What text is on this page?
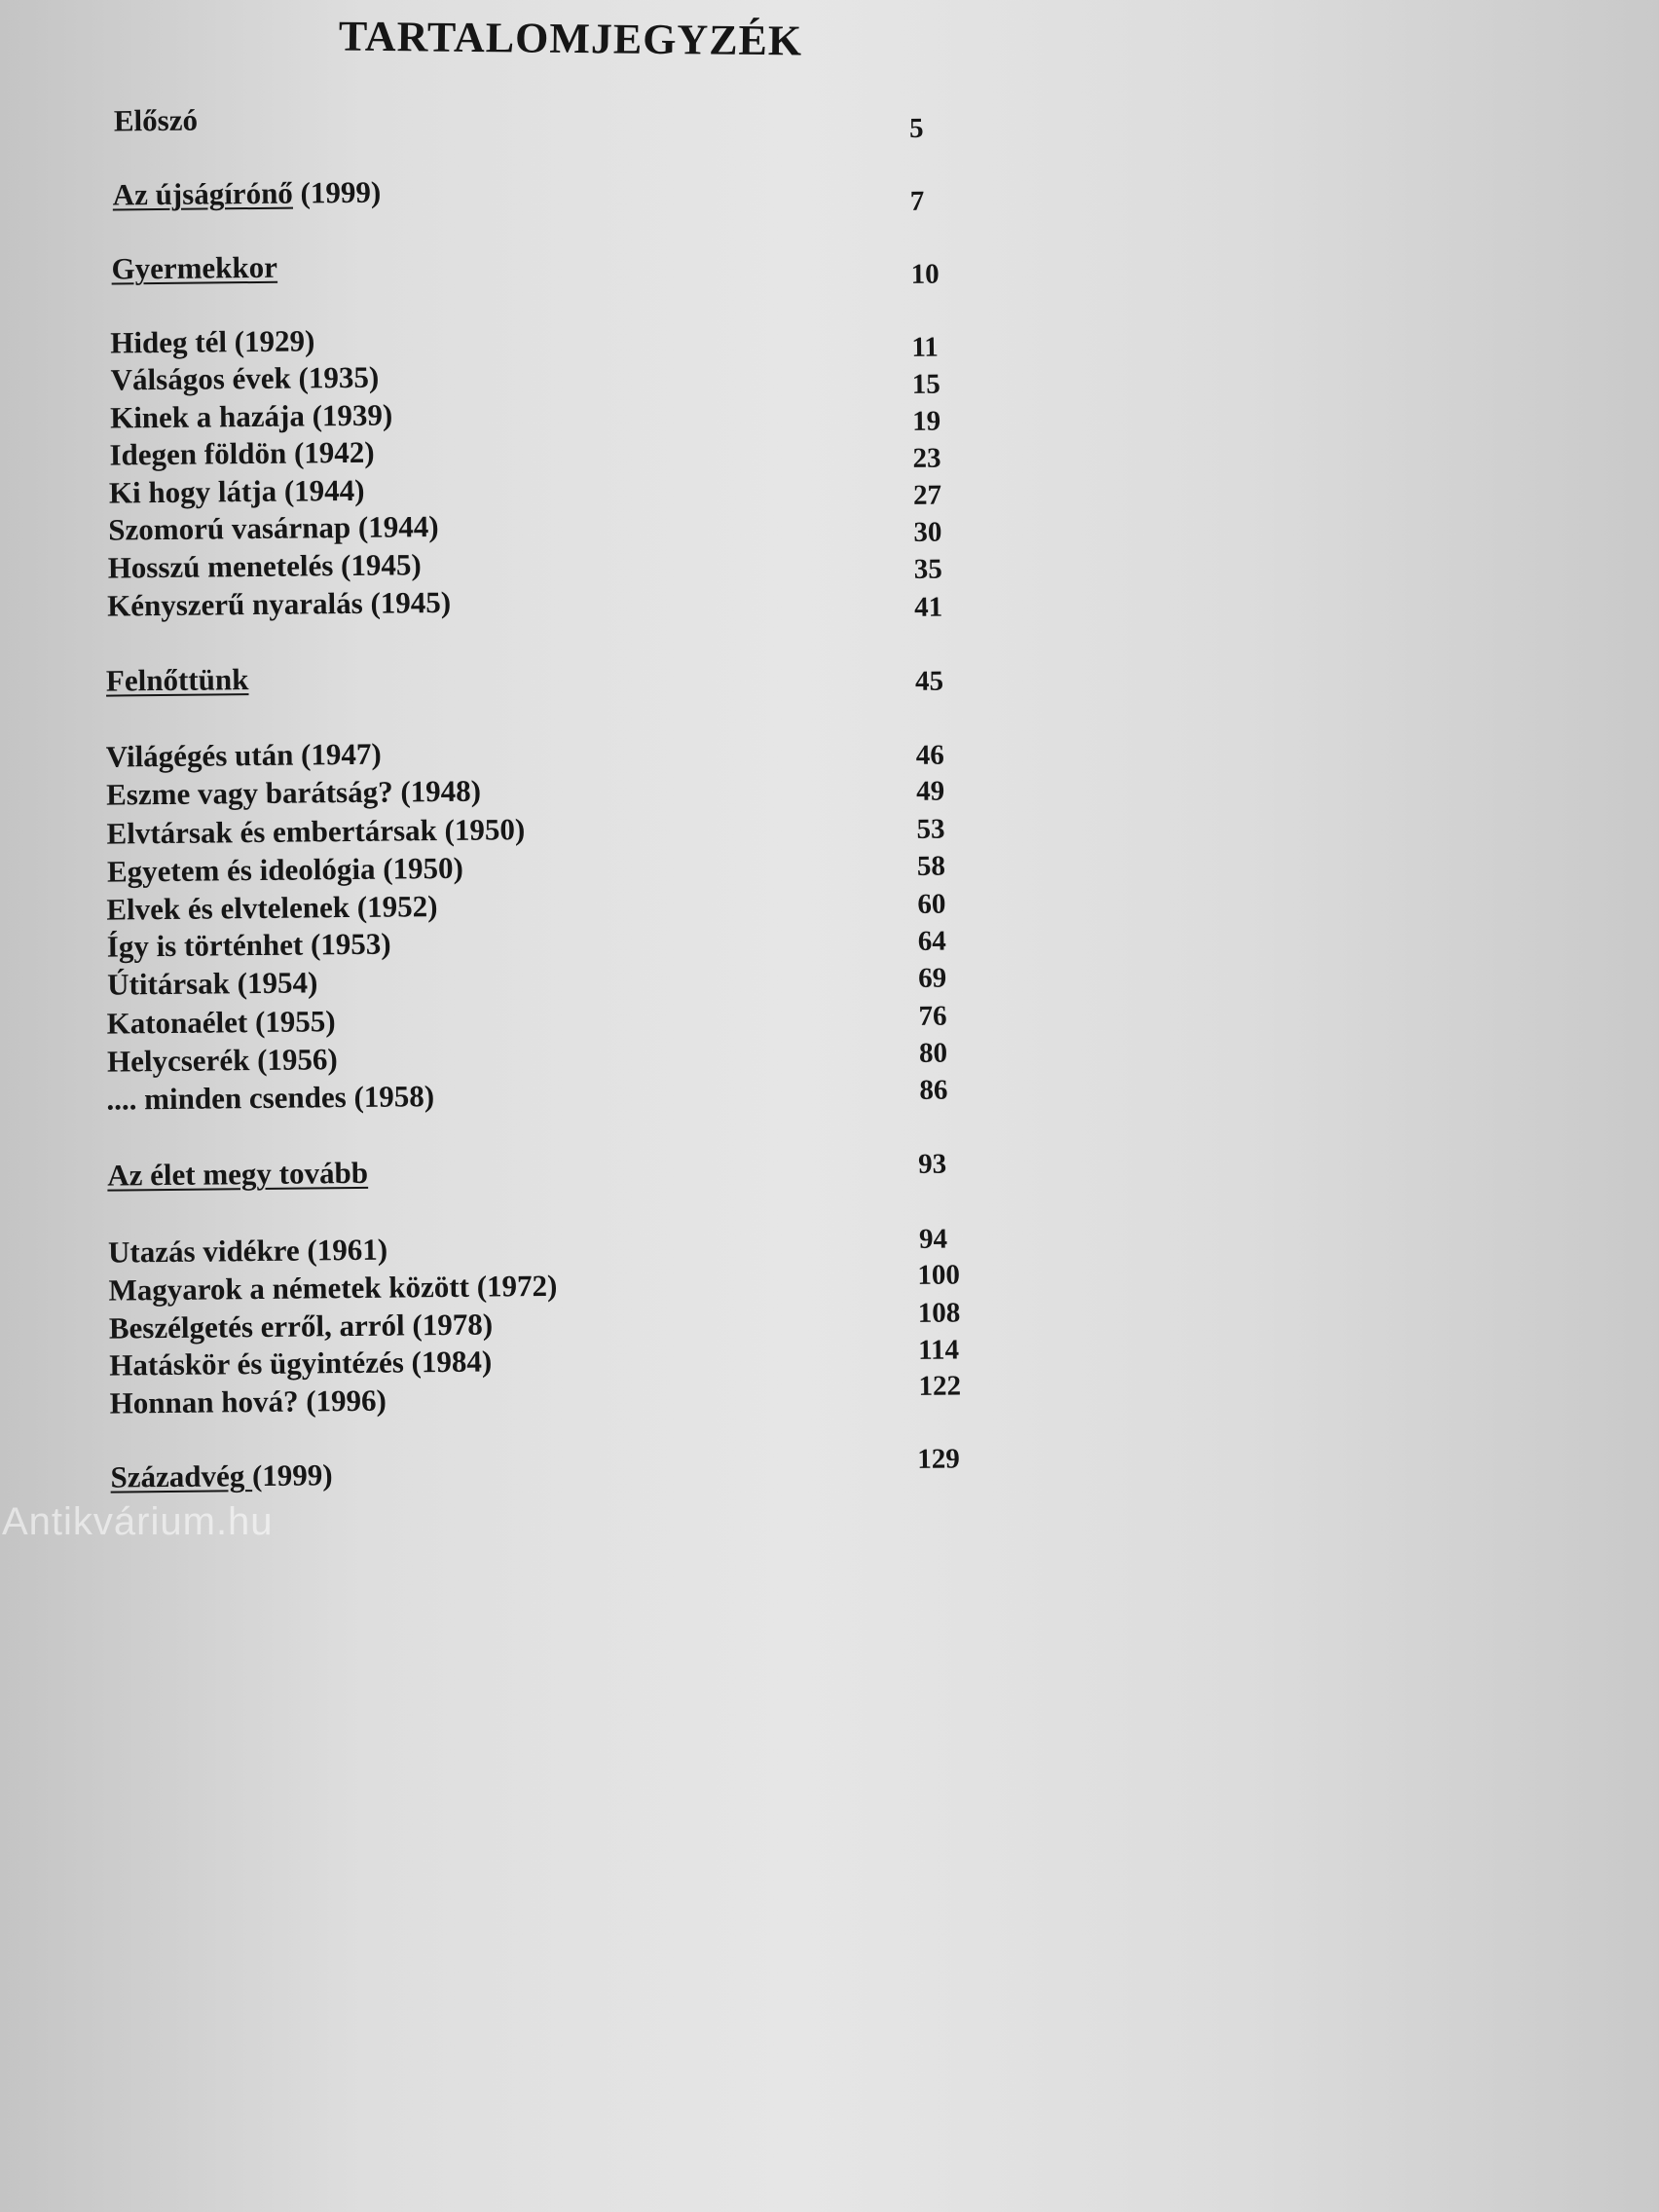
TARTALOMJEGYZÉK
Előszó	5
Az újságírónő (1999)	7
Gyermekkor	10
Hideg tél (1929)	11
Válságos évek (1935)	15
Kinek a hazája (1939)	19
Idegen földön (1942)	23
Ki hogy látja (1944)	27
Szomorú vasárnap (1944)	30
Hosszú menetelés (1945)	35
Kényszerű nyaralás (1945)	41
Felnőttünk	45
Világégés után (1947)	46
Eszme vagy barátság? (1948)	49
Elvtársak és embertársak (1950)	53
Egyetem és ideológia (1950)	58
Elvek és elvtelenek (1952)	60
Így is történhet (1953)	64
Útitársak (1954)	69
Katonaélet (1955)	76
Helycserék (1956)	80
.... minden csendes (1958)	86
Az élet megy tovább	93
Utazás vidékre (1961)	94
Magyarok a németek között (1972)	100
Beszélgetés erről, arról (1978)	108
Hatáskör és ügyintézés (1984)	114
Honnan hová? (1996)	122
Századvég (1999)	129
Antikvárium.hu
